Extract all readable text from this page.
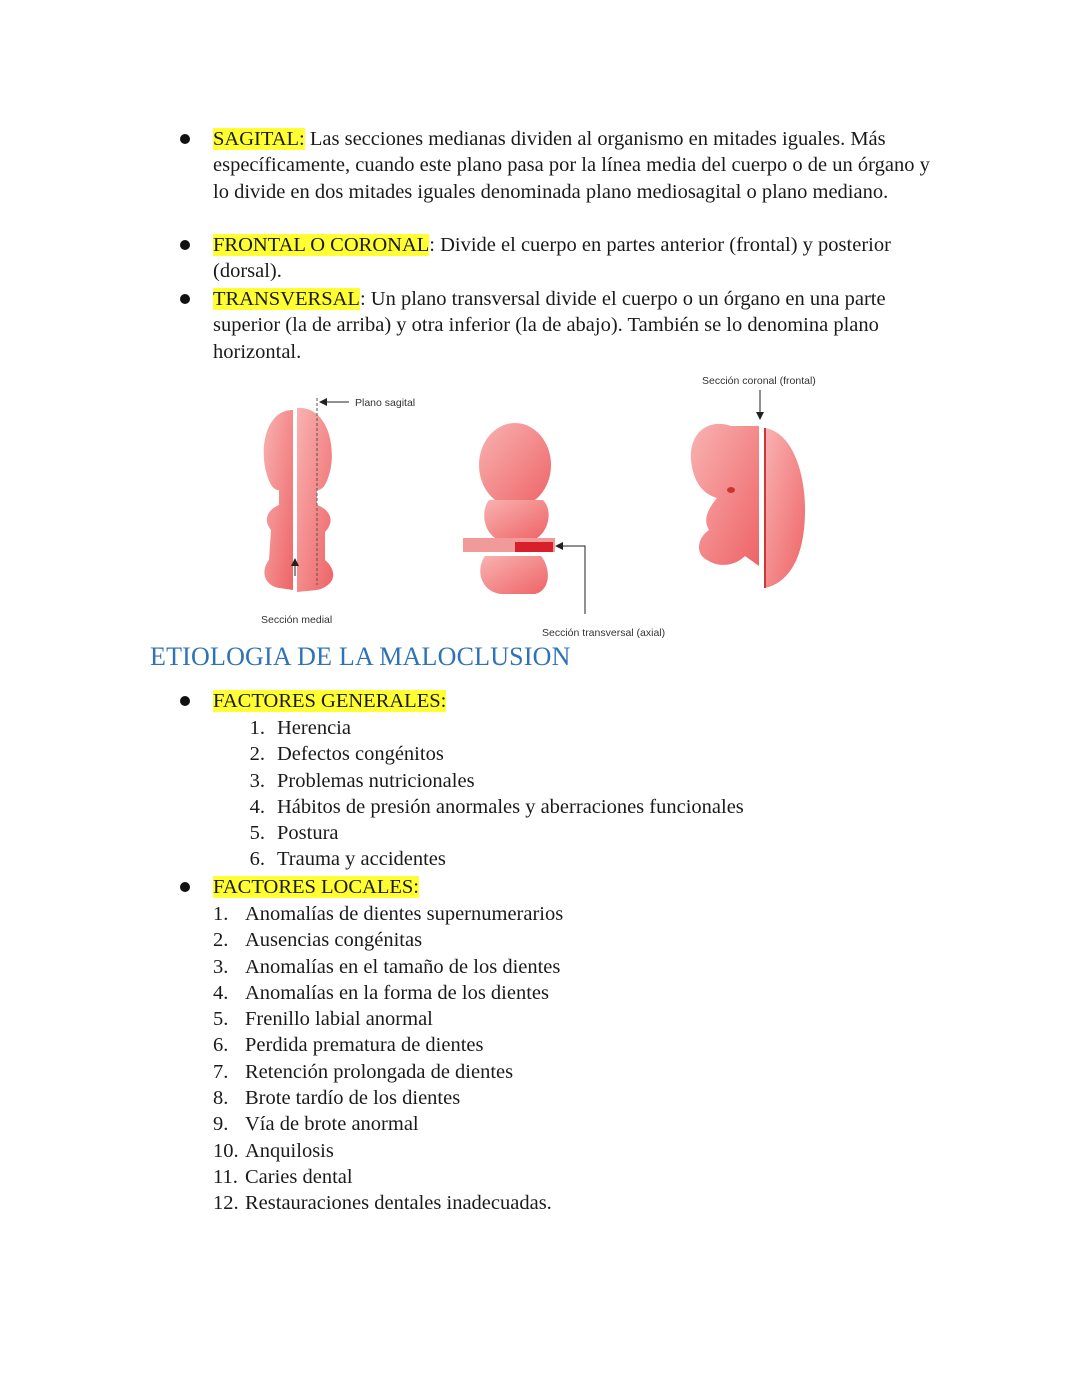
SAGITAL: Las secciones medianas dividen al organismo en mitades iguales. Más específicamente, cuando este plano pasa por la línea media del cuerpo o de un órgano y lo divide en dos mitades iguales denominada plano mediosagital o plano mediano.
FRONTAL O CORONAL: Divide el cuerpo en partes anterior (frontal) y posterior (dorsal).
TRANSVERSAL: Un plano transversal divide el cuerpo o un órgano en una parte superior (la de arriba) y otra inferior (la de abajo). También se lo denomina plano horizontal.
Plano sagital
Sección medial
Sección transversal (axial)
Sección coronal (frontal)
ETIOLOGIA DE LA MALOCLUSION
FACTORES GENERALES:
1. Herencia
2. Defectos congénitos
3. Problemas nutricionales
4. Hábitos de presión anormales y aberraciones funcionales
5. Postura
6. Trauma y accidentes
FACTORES LOCALES:
1. Anomalías de dientes supernumerarios
2. Ausencias congénitas
3. Anomalías en el tamaño de los dientes
4. Anomalías en la forma de los dientes
5. Frenillo labial anormal
6. Perdida prematura de dientes
7. Retención prolongada de dientes
8. Brote tardío de los dientes
9. Vía de brote anormal
10. Anquilosis
11. Caries dental
12. Restauraciones dentales inadecuadas.
